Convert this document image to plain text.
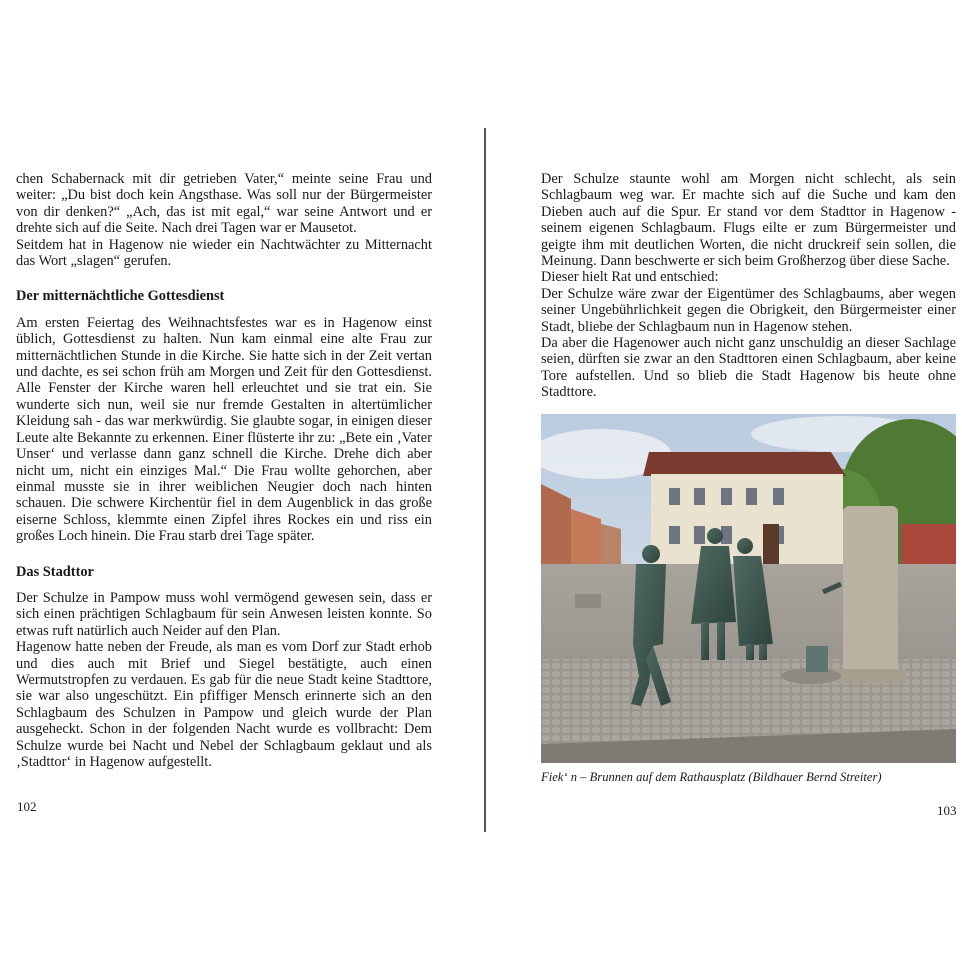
chen Schabernack mit dir getrieben Vater,“ meinte seine Frau und weiter: „Du bist doch kein Angsthase. Was soll nur der Bürgermeister von dir denken?“ „Ach, das ist mit egal,“ war seine Antwort und er drehte sich auf die Seite. Nach drei Tagen war er Mausetot.

Seitdem hat in Hagenow nie wieder ein Nachtwächter zu Mitternacht das Wort „slagen“ gerufen.

Der mitternächtliche Gottesdienst

Am ersten Feiertag des Weihnachtsfestes war es in Hagenow einst üblich, Gottesdienst zu halten. Nun kam einmal eine alte Frau zur mitternächtlichen Stunde in die Kirche. Sie hatte sich in der Zeit vertan und dachte, es sei schon früh am Morgen und Zeit für den Gottesdienst. Alle Fenster der Kirche waren hell erleuchtet und sie trat ein. Sie wunderte sich nun, weil sie nur fremde Gestalten in altertümlicher Kleidung sah - das war merkwürdig. Sie glaubte sogar, in einigen dieser Leute alte Bekannte zu erkennen. Einer flüsterte ihr zu: „Bete ein ‚Vater Unser‘ und verlasse dann ganz schnell die Kirche. Drehe dich aber nicht um, nicht ein einziges Mal.“ Die Frau wollte gehorchen, aber einmal musste sie in ihrer weiblichen Neugier doch nach hinten schauen. Die schwere Kirchentür fiel in dem Augenblick in das große eiserne Schloss, klemmte einen Zipfel ihres Rockes ein und riss ein großes Loch hinein. Die Frau starb drei Tage später.

Das Stadttor

Der Schulze in Pampow muss wohl vermögend gewesen sein, dass er sich einen prächtigen Schlagbaum für sein Anwesen leisten konnte. So etwas ruft natürlich auch Neider auf den Plan.

Hagenow hatte neben der Freude, als man es vom Dorf zur Stadt erhob und dies auch mit Brief und Siegel bestätigte, auch einen Wermutstropfen zu verdauen. Es gab für die neue Stadt keine Stadttore, sie war also ungeschützt. Ein pfiffiger Mensch erinnerte sich an den Schlagbaum des Schulzen in Pampow und gleich wurde der Plan ausgeheckt. Schon in der folgenden Nacht wurde es vollbracht: Dem Schulze wurde bei Nacht und Nebel der Schlagbaum geklaut und als ‚Stadttor‘ in Hagenow aufgestellt.

102

Der Schulze staunte wohl am Morgen nicht schlecht, als sein Schlagbaum weg war. Er machte sich auf die Suche und kam den Dieben auch auf die Spur. Er stand vor dem Stadttor in Hagenow - seinem eigenen Schlagbaum. Flugs eilte er zum Bürgermeister und geigte ihm mit deutlichen Worten, die nicht druckreif sein sollen, die Meinung. Dann beschwerte er sich beim Großherzog über diese Sache.

Dieser hielt Rat und entschied:

Der Schulze wäre zwar der Eigentümer des Schlagbaums, aber wegen seiner Ungebührlichkeit gegen die Obrigkeit, den Bürgermeister einer Stadt, bliebe der Schlagbaum nun in Hagenow stehen.

Da aber die Hagenower auch nicht ganz unschuldig an dieser Sachlage seien, dürften sie zwar an den Stadttoren einen Schlagbaum, aber keine Tore aufstellen. Und so blieb die Stadt Hagenow bis heute ohne Stadttore.

103
Fiek‘ n – Brunnen auf dem Rathausplatz (Bildhauer Bernd Streiter)
